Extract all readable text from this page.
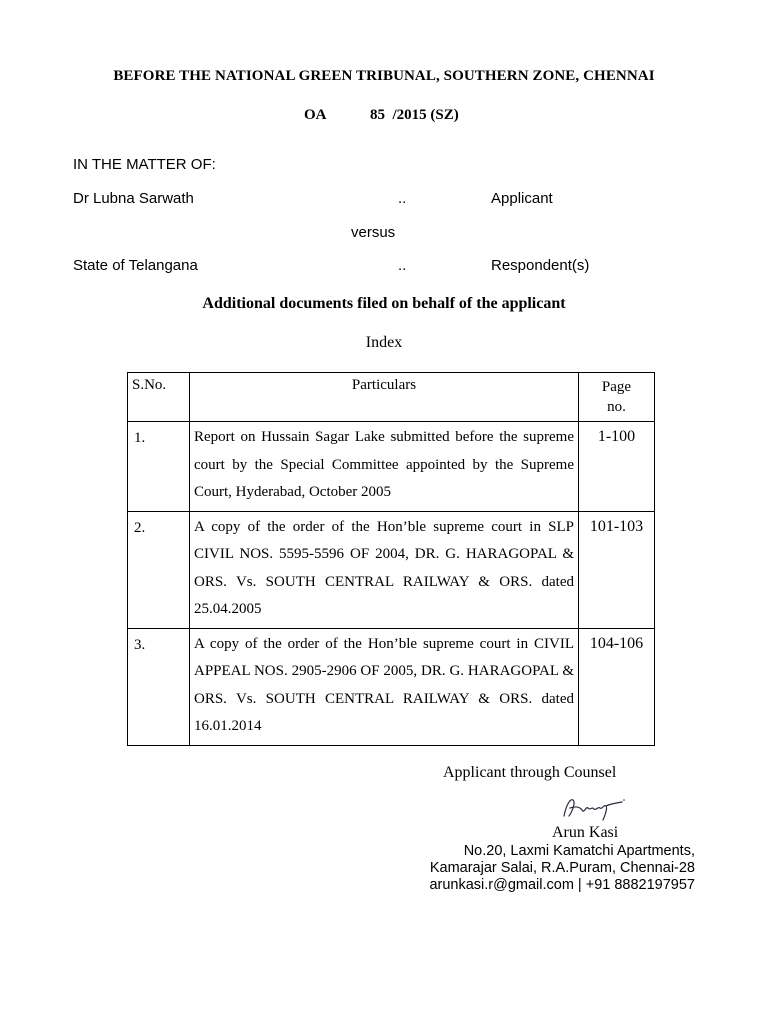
BEFORE THE NATIONAL GREEN TRIBUNAL, SOUTHERN ZONE, CHENNAI
OA	85  /2015 (SZ)
IN THE MATTER OF:
Dr Lubna Sarwath	..	Applicant
versus
State of Telangana	..	Respondent(s)
Additional documents filed on behalf of the applicant
Index
S.No.	Particulars	Page
no.
1.	Report on Hussain Sagar Lake submitted before the supreme court by the Special Committee appointed by the Supreme Court, Hyderabad, October 2005	1-100
2.	A copy of the order of the Hon’ble supreme court in SLP CIVIL NOS. 5595-5596 OF 2004, DR. G. HARAGOPAL & ORS. Vs. SOUTH CENTRAL RAILWAY & ORS. dated 25.04.2005	101-103
3.	A copy of the order of the Hon’ble supreme court in CIVIL APPEAL NOS. 2905-2906 OF 2005, DR. G. HARAGOPAL & ORS. Vs. SOUTH CENTRAL RAILWAY & ORS. dated 16.01.2014	104-106
Applicant through Counsel
Arun Kasi
No.20, Laxmi Kamatchi Apartments,
Kamarajar Salai, R.A.Puram, Chennai-28
arunkasi.r@gmail.com | +91 8882197957
